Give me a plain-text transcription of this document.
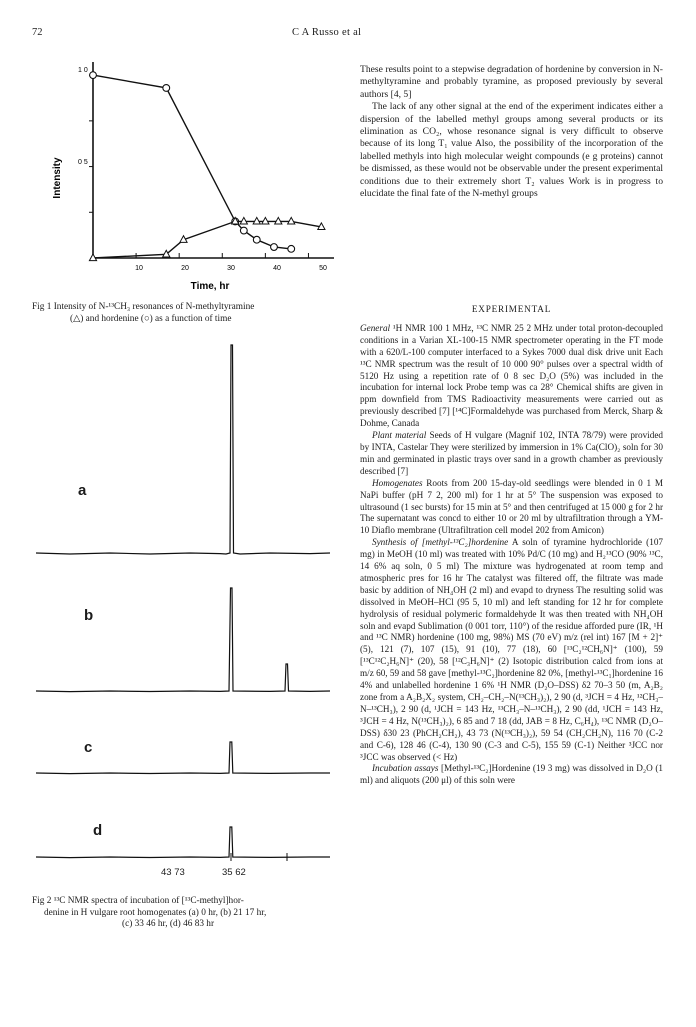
72	C A Russo et al
Intensity
1 0
0 5
10	20	30	40	50
Time, hr
Fig 1 Intensity of N-¹³CH₃ resonances of N-methyltyramine
(△) and hordenine (○) as a function of time
a
b
c
d
43 73	35 62
Fig 2 ¹³C NMR spectra of incubation of [¹³C-methyl]hor-
denine in H vulgare root homogenates (a) 0 hr, (b) 21 17 hr,
(c) 33 46 hr, (d) 46 83 hr

These results point to a stepwise degradation of hordenine by conversion in N-methyltyramine and probably tyramine, as proposed previously by several authors [4, 5]

The lack of any other signal at the end of the experiment indicates either a dispersion of the labelled methyl groups among several products or its elimination as CO₂, whose resonance signal is very difficult to observe because of its long T₁ value Also, the possibility of the incorporation of the labelled methyls into high molecular weight compounds (e g proteins) cannot be dismissed, as these would not be observable under the present experimental conditions due to their extremely short T₂ values Work is in progress to elucidate the final fate of the N-methyl groups

EXPERIMENTAL

General ¹H NMR 100 1 MHz, ¹³C NMR 25 2 MHz under total proton-decoupled conditions in a Varian XL-100-15 NMR spectrometer operating in the FT mode with a 620/L-100 computer interfaced to a Sykes 7000 dual disk drive unit Each ¹³C NMR spectrum was the result of 10 000 90° pulses over a spectral width of 5120 Hz using a repetition rate of 0 8 sec D₂O (5%) was included in the incubation for internal lock Probe temp was ca 28° Chemical shifts are given in ppm downfield from TMS Radioactivity measurements were carried out as previously described [7] [¹⁴C]Formaldehyde was purchased from Merck, Sharp & Dohme, Canada

Plant material Seeds of H vulgare (Magnif 102, INTA 78/79) were provided by INTA, Castelar They were sterilized by immersion in 1% Ca(ClO)₂ soln for 30 min and germinated in plastic trays over sand in a growth chamber as previously described [7]

Homogenates Roots from 200 15-day-old seedlings were blended in 0 1 M NaPi buffer (pH 7 2, 200 ml) for 1 hr at 5° The suspension was exposed to ultrasound (1 sec bursts) for 15 min at 5° and then centrifuged at 15 000 g for 2 hr The supernatant was concd to either 10 or 20 ml by ultrafiltration through a YM-10 Diaflo membrane (Ultrafiltration cell model 202 from Amicon)

Synthesis of [methyl-¹³C₂]hordenine A soln of tyramine hydrochloride (107 mg) in MeOH (10 ml) was treated with 10% Pd/C (10 mg) and H₂¹³CO (90% ¹³C, 14 6% aq soln, 0 5 ml) The mixture was hydrogenated at room temp and atmospheric pres for 16 hr The catalyst was filtered off, the filtrate was made basic by addition of NH₄OH (2 ml) and evapd to dryness The resulting solid was dissolved in MeOH–HCl (95 5, 10 ml) and left standing for 12 hr for complete hydrolysis of residual polymeric formaldehyde It was then treated with NH₄OH soln and evapd Sublimation (0 001 torr, 110°) of the residue afforded pure (IR, ¹H and ¹³C NMR) hordenine (100 mg, 98%) MS (70 eV) m/z (rel int) 167 [M + 2]⁺ (5), 121 (7), 107 (15), 91 (10), 77 (18), 60 [¹³C₂¹²CH₆N]⁺ (100), 59 [¹³C¹²C₂H₆N]⁺ (20), 58 [¹²C₃H₆N]⁺ (2) Isotopic distribution calcd from ions at m/z 60, 59 and 58 gave [methyl-¹³C₂]hordenine 82 0%, [methyl-¹³C₁]hordenine 16 4% and unlabelled hordenine 1 6% ¹H NMR (D₂O–DSS) δ2 70–3 50 (m, A₂B₂ zone from a A₂B₂X₂ system, CH₂–CH₂–N(¹³CH₃)₂), 2 90 (d, ³JCH = 4 Hz, ¹²CH₃–N–¹³CH₃), 2 90 (d, ¹JCH = 143 Hz, ¹³CH₃–N–¹³CH₃), 2 90 (dd, ¹JCH = 143 Hz, ³JCH = 4 Hz, N(¹³CH₃)₂), 6 85 and 7 18 (dd, JAB = 8 Hz, C₆H₄), ¹³C NMR (D₂O–DSS) δ30 23 (PhCH₂CH₂), 43 73 (N(¹³CH₃)₂), 59 54 (CH₂CH₂N), 116 70 (C-2 and C-6), 128 46 (C-4), 130 90 (C-3 and C-5), 155 59 (C-1) Neither ³JCC nor ³JCC was observed (< Hz)

Incubation assays [Methyl-¹³C₂]Hordenine (19 3 mg) was dissolved in D₂O (1 ml) and aliquots (200 μl) of this soln were
